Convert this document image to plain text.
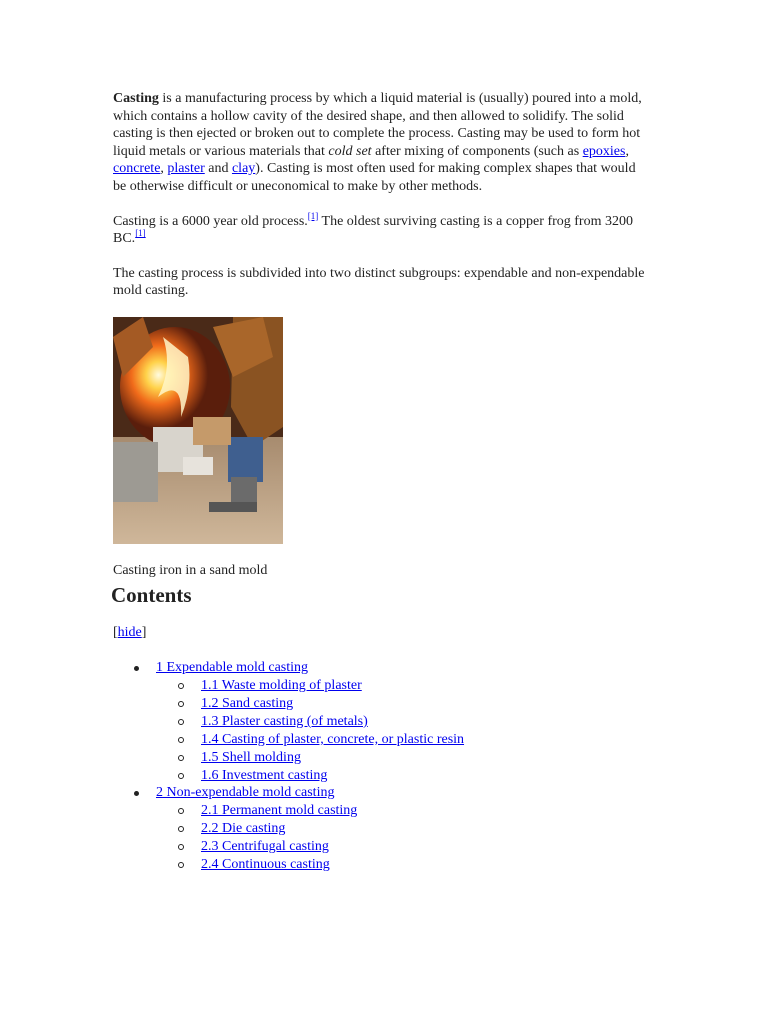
Casting is a manufacturing process by which a liquid material is (usually) poured into a mold, which contains a hollow cavity of the desired shape, and then allowed to solidify. The solid casting is then ejected or broken out to complete the process. Casting may be used to form hot liquid metals or various materials that cold set after mixing of components (such as epoxies, concrete, plaster and clay). Casting is most often used for making complex shapes that would be otherwise difficult or uneconomical to make by other methods.

Casting is a 6000 year old process.[1] The oldest surviving casting is a copper frog from 3200 BC.[1]

The casting process is subdivided into two distinct subgroups: expendable and non-expendable mold casting.

Casting iron in a sand mold

Contents

[hide]

1 Expendable mold casting
1.1 Waste molding of plaster
1.2 Sand casting
1.3 Plaster casting (of metals)
1.4 Casting of plaster, concrete, or plastic resin
1.5 Shell molding
1.6 Investment casting
2 Non-expendable mold casting
2.1 Permanent mold casting
2.2 Die casting
2.3 Centrifugal casting
2.4 Continuous casting
